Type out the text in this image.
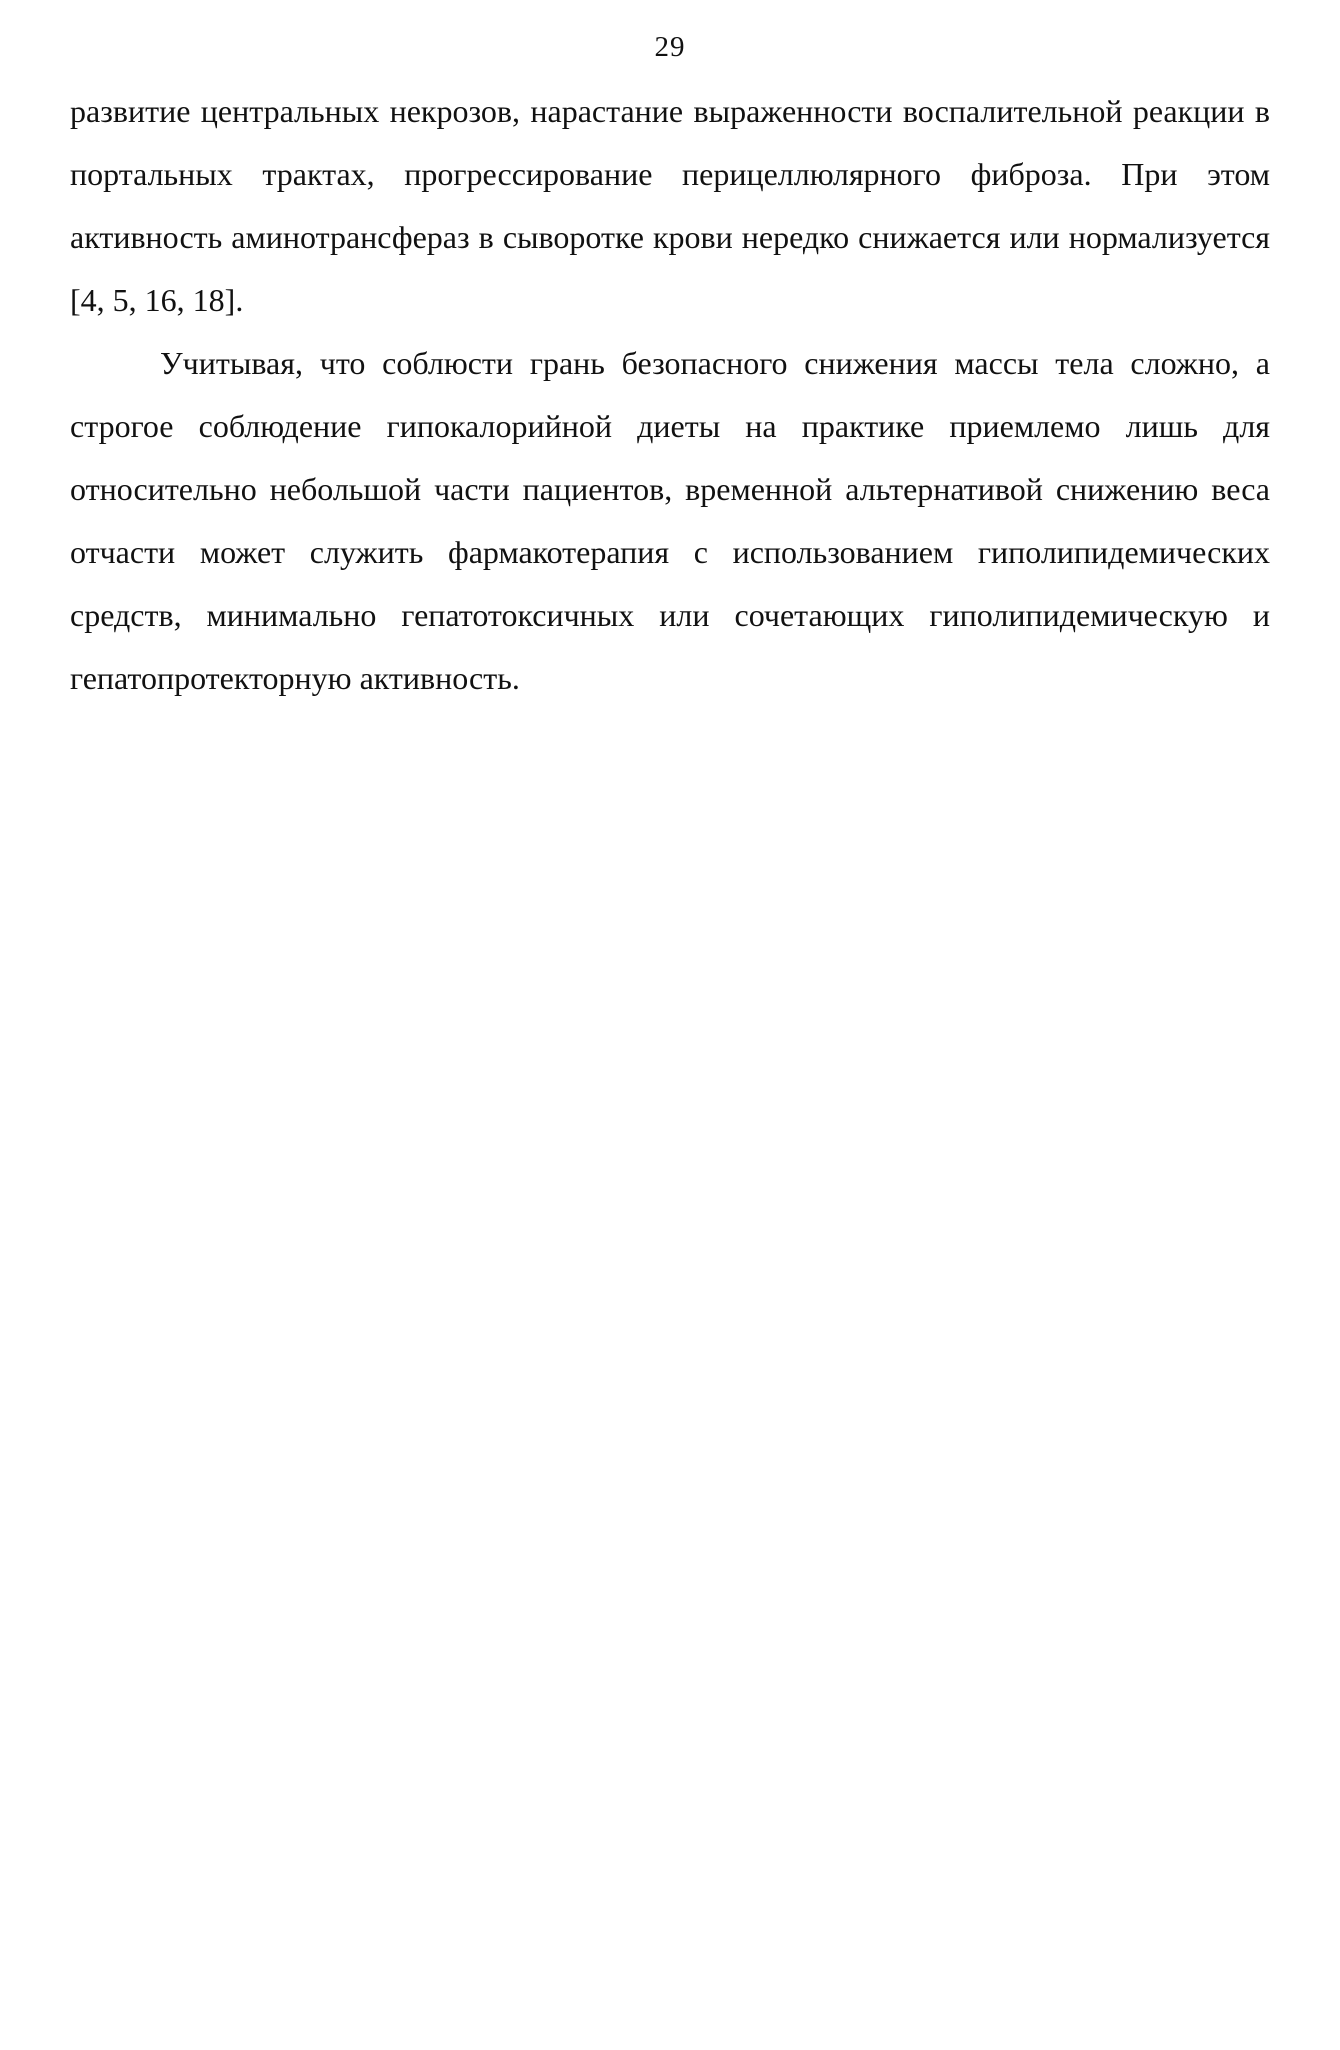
29

развитие центральных некрозов, нарастание выраженности воспалительной реакции в портальных трактах, прогрессирование перицеллюлярного фиброза. При этом активность аминотрансфераз в сыворотке крови нередко снижается или нормализуется [4, 5, 16, 18].

Учитывая, что соблюсти грань безопасного снижения массы тела сложно, а строгое соблюдение гипокалорийной диеты на практике приемлемо лишь для относительно небольшой части пациентов, временной альтернативой снижению веса отчасти может служить фармакотерапия с использованием гиполипидемических средств, минимально гепатотоксичных или сочетающих гиполипидемическую и гепатопротекторную активность.
